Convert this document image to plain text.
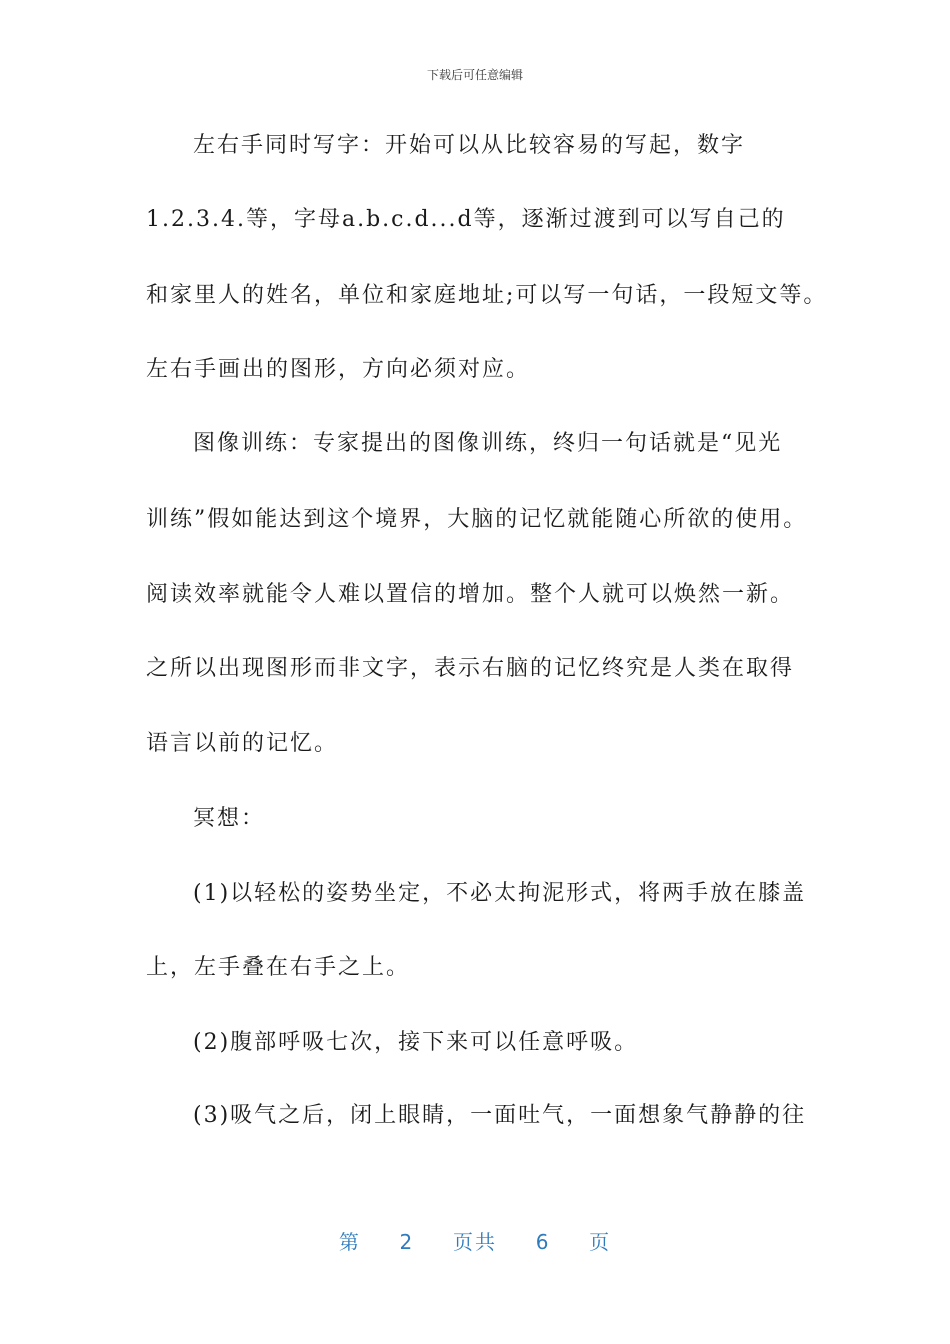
下载后可任意编辑
左右手同时写字：开始可以从比较容易的写起，数字
1.2.3.4.等，字母a.b.c.d...d等，逐渐过渡到可以写自己的
和家里人的姓名，单位和家庭地址;可以写一句话，一段短文等。
左右手画出的图形，方向必须对应。
图像训练：专家提出的图像训练，终归一句话就是“见光
训练”假如能达到这个境界，大脑的记忆就能随心所欲的使用。
阅读效率就能令人难以置信的增加。整个人就可以焕然一新。
之所以出现图形而非文字，表示右脑的记忆终究是人类在取得
语言以前的记忆。
冥想：
(1)以轻松的姿势坐定，不必太拘泥形式，将两手放在膝盖
上，左手叠在右手之上。
(2)腹部呼吸七次，接下来可以任意呼吸。
(3)吸气之后，闭上眼睛，一面吐气，一面想象气静静的往
第 2 页共 6 页
